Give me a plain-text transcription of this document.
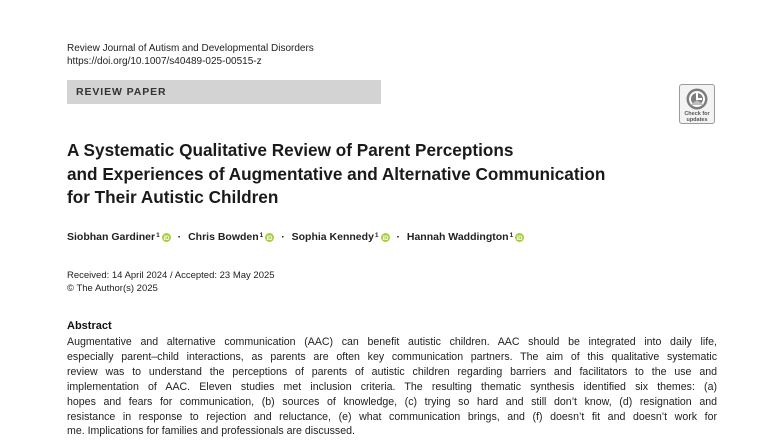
Review Journal of Autism and Developmental Disorders
https://doi.org/10.1007/s40489-025-00515-z
REVIEW PAPER
Check for
updates
A Systematic Qualitative Review of Parent Perceptions
and Experiences of Augmentative and Alternative Communication
for Their Autistic Children
Siobhan Gardiner$^1$ iD · Chris Bowden$^1$ iD · Sophia Kennedy$^1$ iD · Hannah Waddington$^1$ iD
Received: 14 April 2024 / Accepted: 23 May 2025
© The Author(s) 2025
Abstract

Augmentative and alternative communication (AAC) can benefit autistic children. AAC should be integrated into daily life,
especially parent–child interactions, as parents are often key communication partners. The aim of this qualitative systematic
review was to understand the perceptions of parents of autistic children regarding barriers and facilitators to the use and
implementation of AAC. Eleven studies met inclusion criteria. The resulting thematic synthesis identified six themes: (a)
hopes and fears for communication, (b) sources of knowledge, (c) trying so hard and still don’t know, (d) resignation and
resistance in response to rejection and reluctance, (e) what communication brings, and (f) doesn’t fit and doesn’t work for
me. Implications for families and professionals are discussed.
